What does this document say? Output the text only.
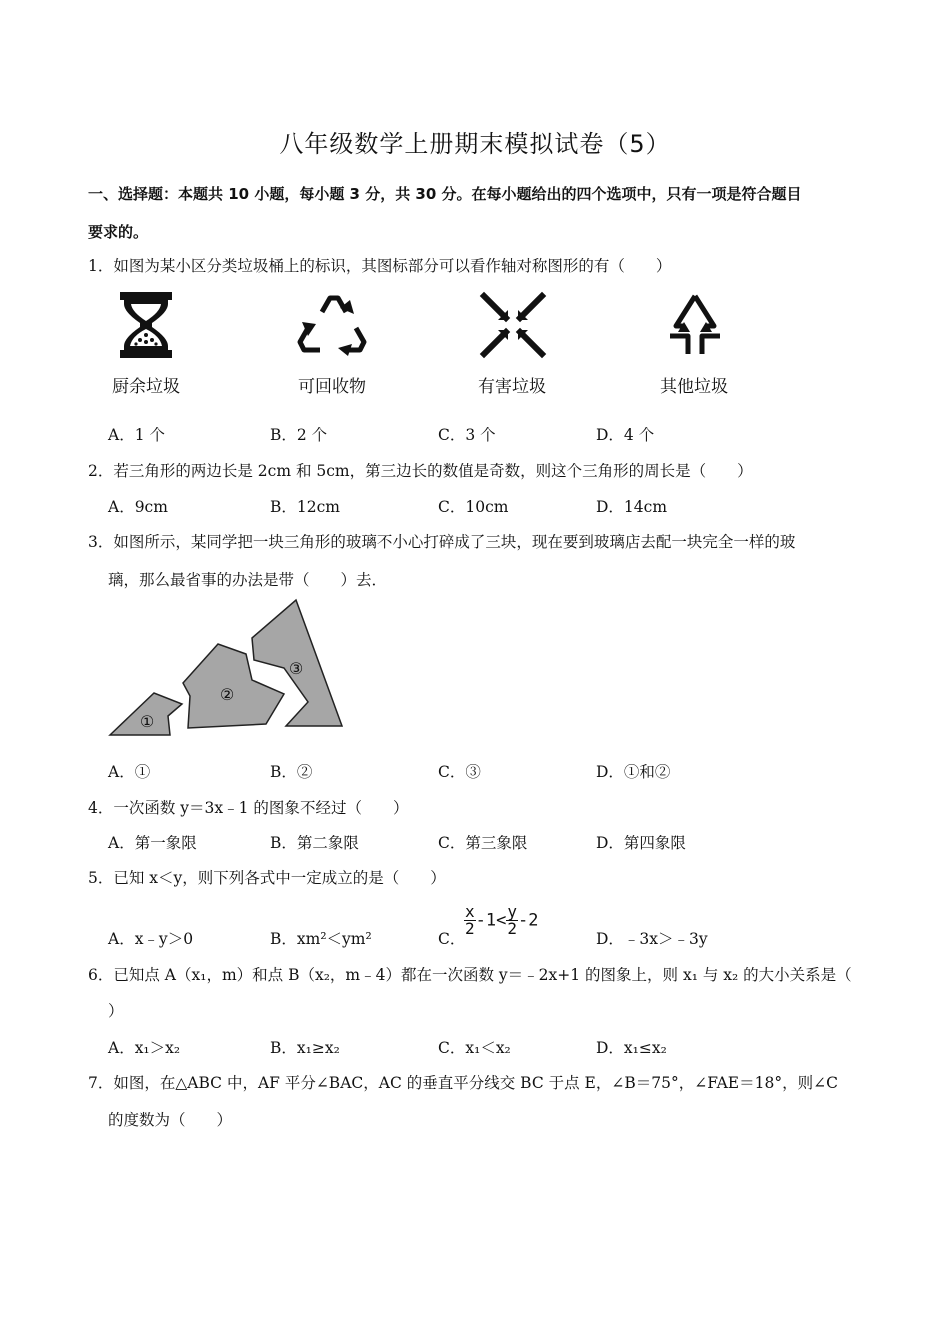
八年级数学上册期末模拟试卷（5）
一、选择题：本题共 10 小题，每小题 3 分，共 30 分。在每小题给出的四个选项中，只有一项是符合题目
要求的。
1．如图为某小区分类垃圾桶上的标识，其图标部分可以看作轴对称图形的有（　　）
厨余垃圾	可回收物	有害垃圾	其他垃圾
A．1 个	B．2 个	C．3 个	D．4 个
2．若三角形的两边长是 2cm 和 5cm，第三边长的数值是奇数，则这个三角形的周长是（　　）
A．9cm	B．12cm	C．10cm	D．14cm
3．如图所示，某同学把一块三角形的玻璃不小心打碎成了三块，现在要到玻璃店去配一块完全一样的玻
璃，那么最省事的办法是带（　　）去．
①
②
③
A．①	B．②	C．③	D．①和②
4．一次函数 y＝3x﹣1 的图象不经过（　　）
A．第一象限	B．第二象限	C．第三象限	D．第四象限
5．已知 x＜y，则下列各式中一定成立的是（　　）
A．x﹣y＞0	B．xm²＜ym²	C．
$\frac{x}{2} -1< \frac{y}{2} -2$
D．﹣3x＞﹣3y
6．已知点 A（x₁，m）和点 B（x₂，m﹣4）都在一次函数 y＝﹣2x+1 的图象上，则 x₁ 与 x₂ 的大小关系是（
）
A．x₁＞x₂	B．x₁≥x₂	C．x₁＜x₂	D．x₁≤x₂
7．如图，在△ABC 中，AF 平分∠BAC，AC 的垂直平分线交 BC 于点 E，∠B＝75°，∠FAE＝18°，则∠C
的度数为（　　）
